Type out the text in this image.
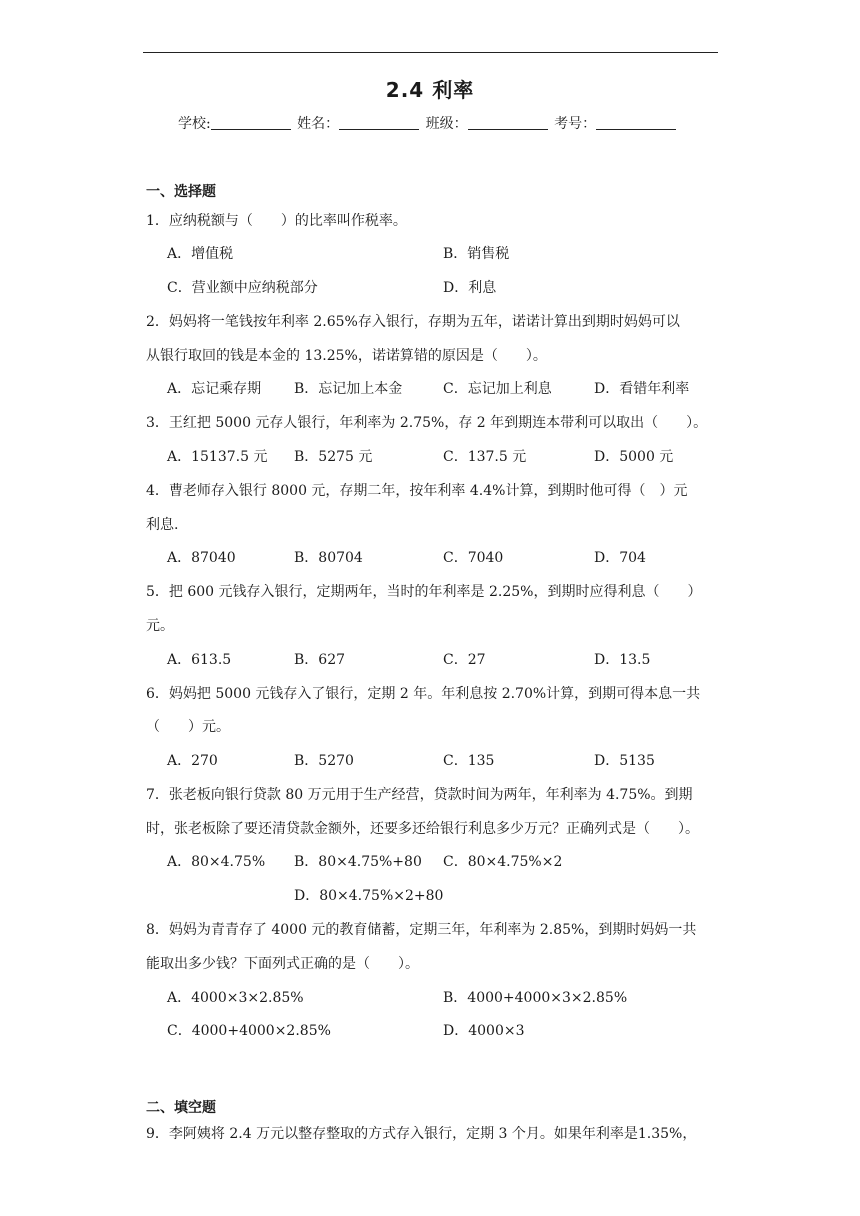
2.4 利率
学校:	姓名：	班级：	考号：
一、选择题
1．应纳税额与（　　）的比率叫作税率。
A．增值税	B．销售税
C．营业额中应纳税部分	D．利息
2．妈妈将一笔钱按年利率 2.65%存入银行，存期为五年，诺诺计算出到期时妈妈可以
从银行取回的钱是本金的 13.25%，诺诺算错的原因是（　　）。
A．忘记乘存期 B．忘记加上本金	C．忘记加上利息	D．看错年利率
3．王红把 5000 元存人银行，年利率为 2.75%，存 2 年到期连本带利可以取出（　　）。
A．15137.5 元 B．5275 元	C．137.5 元	D．5000 元
4．曹老师存入银行 8000 元，存期二年，按年利率 4.4%计算，到期时他可得（　）元
利息.
A．87040	B．80704	C．7040	D．704
5．把 600 元钱存入银行，定期两年，当时的年利率是 2.25%，到期时应得利息（　　）
元。
A．613.5	B．627	C．27	D．13.5
6．妈妈把 5000 元钱存入了银行，定期 2 年。年利息按 2.70%计算，到期可得本息一共
（　　）元。
A．270	B．5270	C．135	D．5135
7．张老板向银行贷款 80 万元用于生产经营，贷款时间为两年，年利率为 4.75%。到期
时，张老板除了要还清贷款金额外，还要多还给银行利息多少万元？正确列式是（　　）。
A．80×4.75% B．80×4.75%+80 C．80×4.75%×2
D．80×4.75%×2+80
8．妈妈为青青存了 4000 元的教育储蓄，定期三年，年利率为 2.85%，到期时妈妈一共
能取出多少钱？下面列式正确的是（　　）。
A．4000×3×2.85%	B．4000+4000×3×2.85%
C．4000+4000×2.85%	D．4000×3
二、填空题
9．李阿姨将 2.4 万元以整存整取的方式存入银行，定期 3 个月。如果年利率是1.35%，
